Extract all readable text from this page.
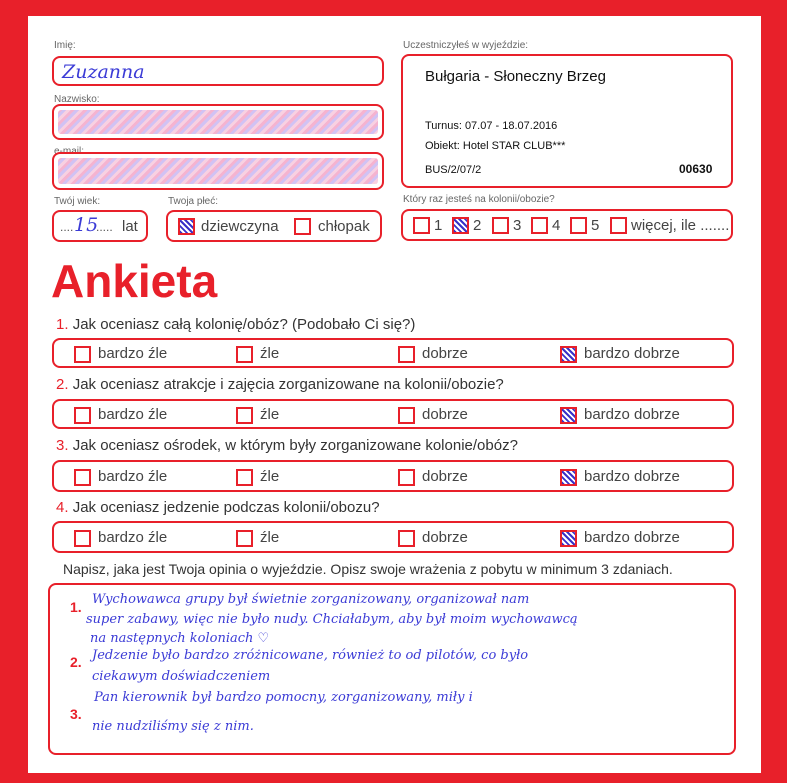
Imię:
Zuzanna
Nazwisko:
e-mail:
Twój wiek:
.... 15
..... lat
Twoja płeć:
dziewczyna	chłopak
Uczestniczyłeś w wyjeździe:
Bułgaria - Słoneczny Brzeg
Turnus: 07.07 - 18.07.2016
Obiekt: Hotel STAR CLUB***
BUS/2/07/2	00630
Który raz jesteś na kolonii/obozie?
1 2 3 4 5 więcej, ile .......
Ankieta
1. Jak oceniasz całą kolonię/obóz? (Podobało Ci się?)
bardzo źle	źle	dobrze	bardzo dobrze
2. Jak oceniasz atrakcje i zajęcia zorganizowane na kolonii/obozie?
bardzo źle	źle	dobrze	bardzo dobrze
3. Jak oceniasz ośrodek, w którym były zorganizowane kolonie/obóz?
bardzo źle	źle	dobrze	bardzo dobrze
4. Jak oceniasz jedzenie podczas kolonii/obozu?
bardzo źle	źle	dobrze	bardzo dobrze
Napisz, jaka jest Twoja opinia o wyjeździe. Opisz swoje wrażenia z pobytu w minimum 3 zdaniach.
1. Wychowawca grupy był świetnie zorganizowany, organizował nam
super zabawy, więc nie było nudy. Chciałabym, aby był moim wychowawcą
na następnych koloniach ♡
2. Jedzenie było bardzo zróżnicowane, również to od pilotów, co było
ciekawym doświadczeniem
3.
Pan kierownik był bardzo pomocny, zorganizowany, miły i
nie nudziliśmy się z nim.
